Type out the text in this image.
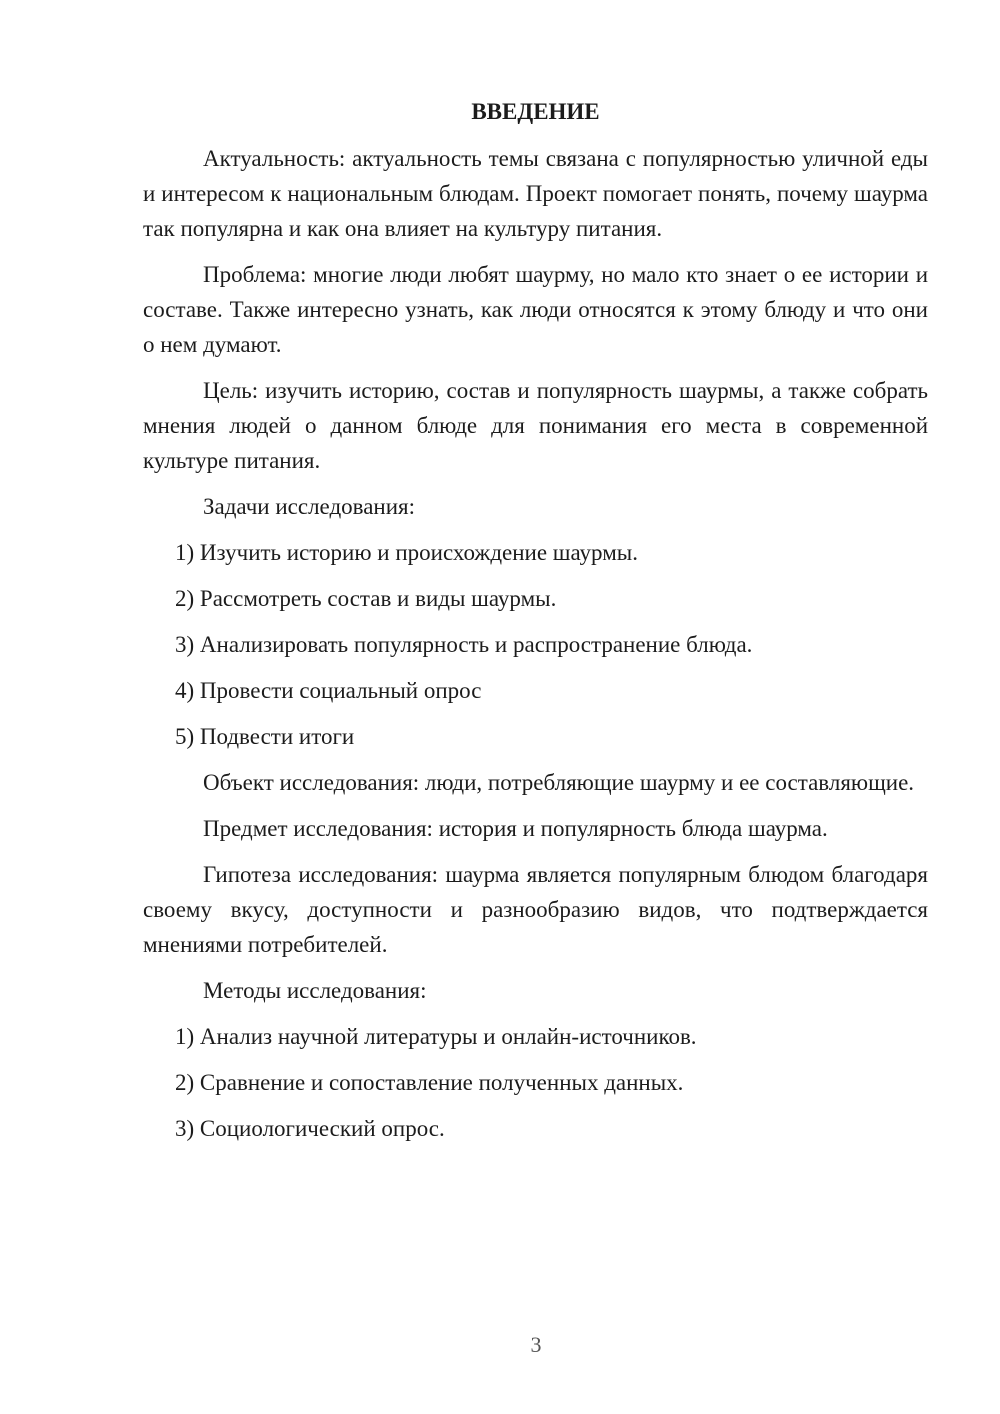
ВВЕДЕНИЕ

Актуальность: актуальность темы связана с популярностью уличной еды и интересом к национальным блюдам. Проект помогает понять, почему шаурма так популярна и как она влияет на культуру питания.

Проблема: многие люди любят шаурму, но мало кто знает о ее истории и составе. Также интересно узнать, как люди относятся к этому блюду и что они о нем думают.

Цель: изучить историю, состав и популярность шаурмы, а также собрать мнения людей о данном блюде для понимания его места в современной культуре питания.

Задачи исследования:

1) Изучить историю и происхождение шаурмы.

2) Рассмотреть состав и виды шаурмы.

3) Анализировать популярность и распространение блюда.

4) Провести социальный опрос

5) Подвести итоги

Объект исследования: люди, потребляющие шаурму и ее составляющие.

Предмет исследования: история и популярность блюда шаурма.

Гипотеза исследования: шаурма является популярным блюдом благодаря своему вкусу, доступности и разнообразию видов, что подтверждается мнениями потребителей.

Методы исследования:

1) Анализ научной литературы и онлайн-источников.

2) Сравнение и сопоставление полученных данных.

3) Социологический опрос.

3
